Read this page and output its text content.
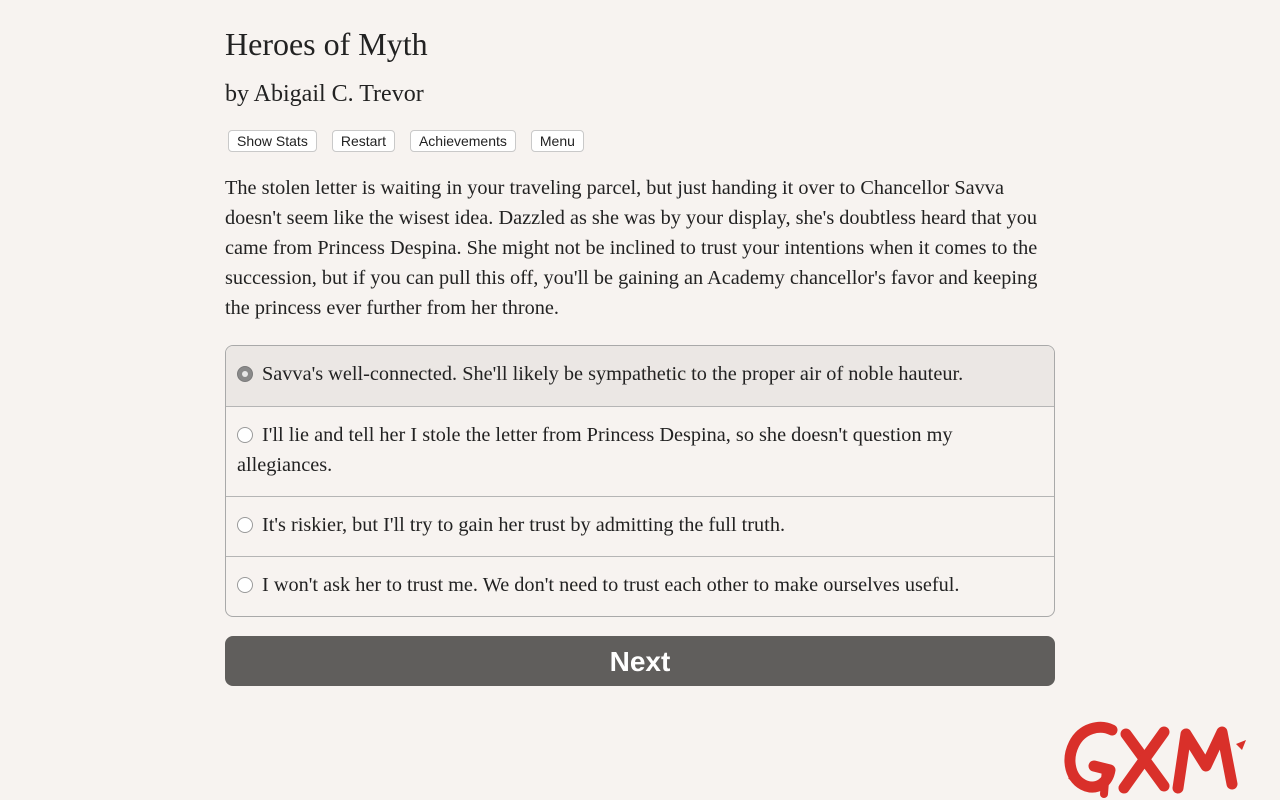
Heroes of Myth
by Abigail C. Trevor
Show Stats	Restart	Achievements	Menu

The stolen letter is waiting in your traveling parcel, but just handing it over to Chancellor Savva doesn't seem like the wisest idea. Dazzled as she was by your display, she's doubtless heard that you came from Princess Despina. She might not be inclined to trust your intentions when it comes to the succession, but if you can pull this off, you'll be gaining an Academy chancellor's favor and keeping the princess ever further from her throne.

Savva's well-connected. She'll likely be sympathetic to the proper air of noble hauteur.
I'll lie and tell her I stole the letter from Princess Despina, so she doesn't question my allegiances.
It's riskier, but I'll try to gain her trust by admitting the full truth.
I won't ask her to trust me. We don't need to trust each other to make ourselves useful.
Next
